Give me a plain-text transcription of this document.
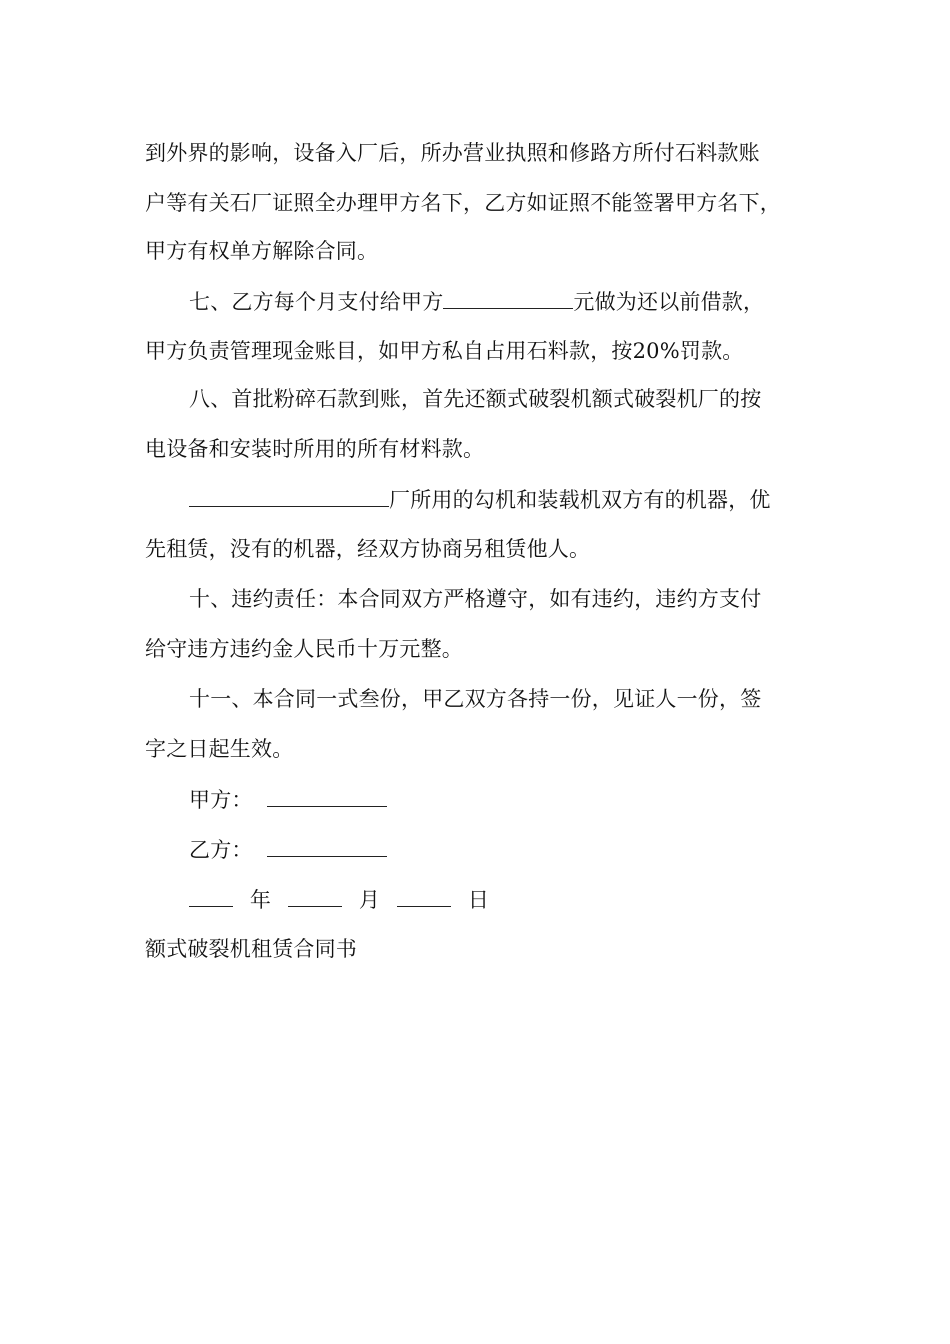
到外界的影响，设备入厂后，所办营业执照和修路方所付石料款账
户等有关石厂证照全办理甲方名下，乙方如证照不能签署甲方名下，
甲方有权单方解除合同。
七、乙方每个月支付给甲方	元做为还以前借款，
甲方负责管理现金账目，如甲方私自占用石料款，按20%罚款。
八、首批粉碎石款到账，首先还额式破裂机额式破裂机厂的按
电设备和安装时所用的所有材料款。
厂所用的勾机和装载机双方有的机器，优
先租赁，没有的机器，经双方协商另租赁他人。
十、违约责任：本合同双方严格遵守，如有违约，违约方支付
给守违方违约金人民币十万元整。
十一、本合同一式叁份，甲乙双方各持一份，见证人一份，签
字之日起生效。
甲方：
乙方：
年	月	日
额式破裂机租赁合同书
